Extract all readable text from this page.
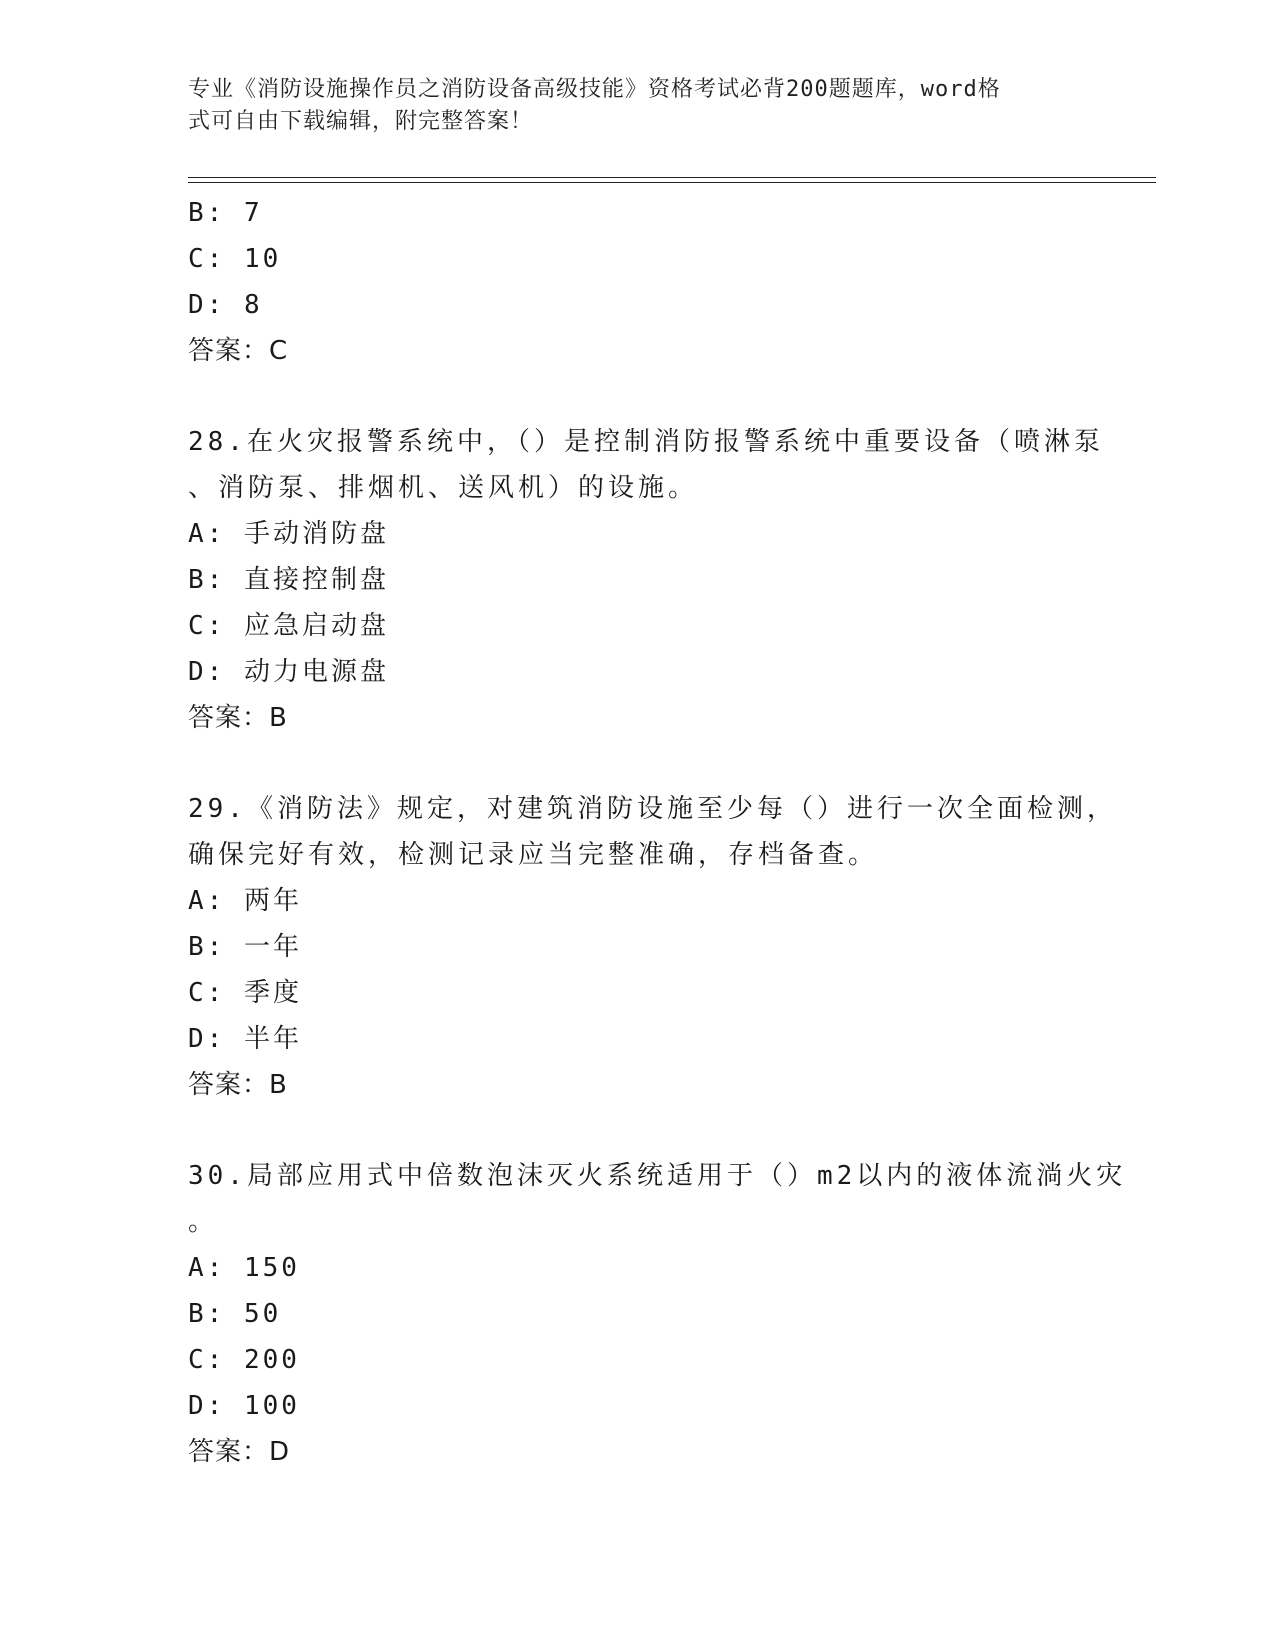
专业《消防设施操作员之消防设备高级技能》资格考试必背200题题库，word格
式可自由下载编辑，附完整答案！
B: 7
C: 10
D: 8
答案：C
28.在火灾报警系统中，（）是控制消防报警系统中重要设备（喷淋泵
、消防泵、排烟机、送风机）的设施。
A: 手动消防盘
B: 直接控制盘
C: 应急启动盘
D: 动力电源盘
答案：B
29.《消防法》规定，对建筑消防设施至少每（）进行一次全面检测，
确保完好有效，检测记录应当完整准确，存档备查。
A: 两年
B: 一年
C: 季度
D: 半年
答案：B
30.局部应用式中倍数泡沫灭火系统适用于（）m2以内的液体流淌火灾
。
A: 150
B: 50
C: 200
D: 100
答案：D
